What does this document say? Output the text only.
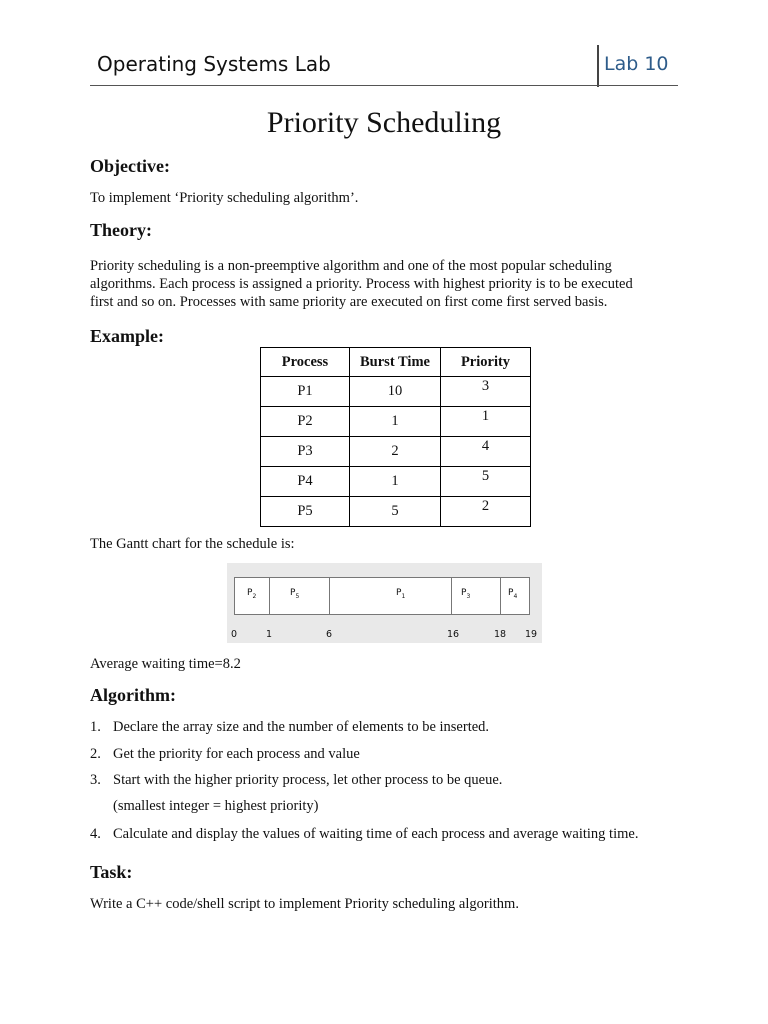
Operating Systems Lab	Lab 10
Priority Scheduling
Objective:
To implement ‘Priority scheduling algorithm’.
Theory:
Priority scheduling is a non-preemptive algorithm and one of the most popular scheduling
algorithms. Each process is assigned a priority. Process with highest priority is to be executed
first and so on. Processes with same priority are executed on first come first served basis.
Example:
Process	Burst Time	Priority
P1	10	3
P2	1	1
P3	2	4
P4	1	5
P5	5	2
The Gantt chart for the schedule is:
$P_2$	$P_5$	$P_1$	$P_3$	$P_4$
0	1	6	16	18 19
Average waiting time=8.2
Algorithm:
1. Declare the array size and the number of elements to be inserted.
2. Get the priority for each process and value
3. Start with the higher priority process, let other process to be queue.
(smallest integer = highest priority)
4. Calculate and display the values of waiting time of each process and average waiting time.
Task:
Write a C++ code/shell script to implement Priority scheduling algorithm.
